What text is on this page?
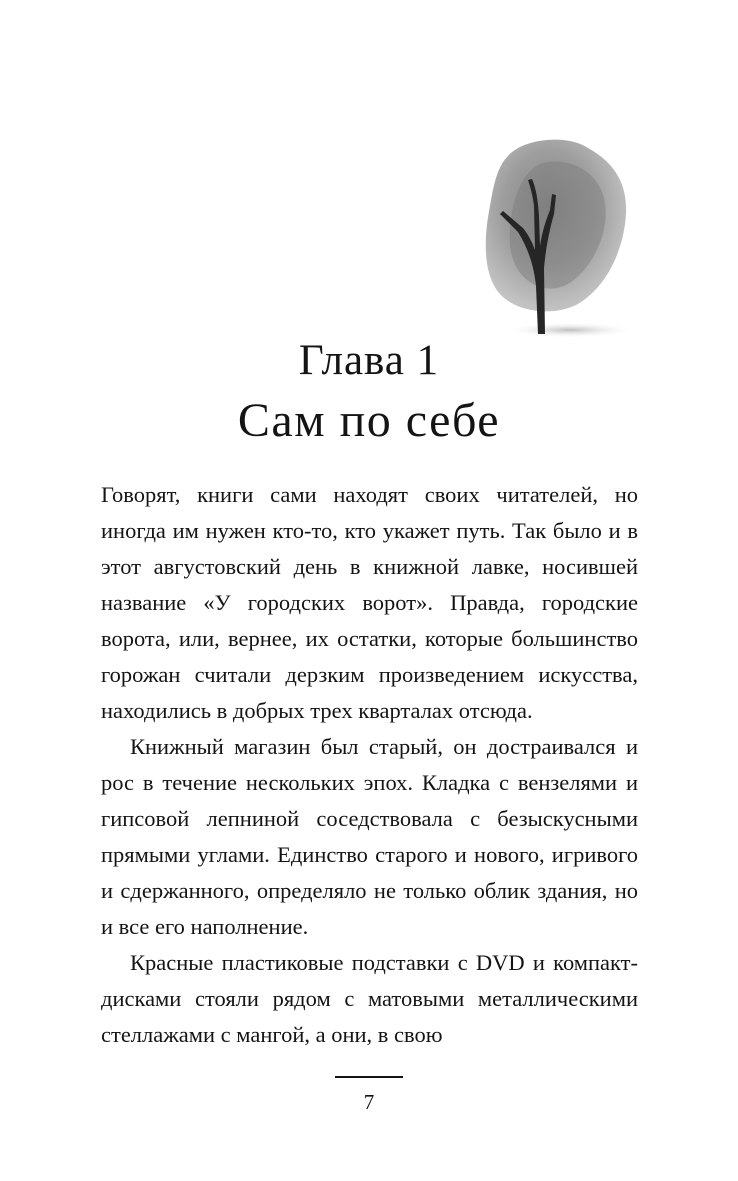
Глава 1
Сам по себе

Говорят, книги сами находят своих читателей, но иногда им нужен кто-то, кто укажет путь. Так было и в этот августовский день в книжной лавке, носившей название «У городских ворот». Правда, городские ворота, или, вернее, их остатки, которые большинство горожан считали дерзким произведением искусства, находились в добрых трех кварталах отсюда.

Книжный магазин был старый, он достраивался и рос в течение нескольких эпох. Кладка с вензелями и гипсовой лепниной соседствовала с безыскусными прямыми углами. Единство старого и нового, игривого и сдержанного, определяло не только облик здания, но и все его наполнение.

Красные пластиковые подставки с DVD и компакт-дисками стояли рядом с матовыми металлическими стеллажами с мангой, а они, в свою

7
